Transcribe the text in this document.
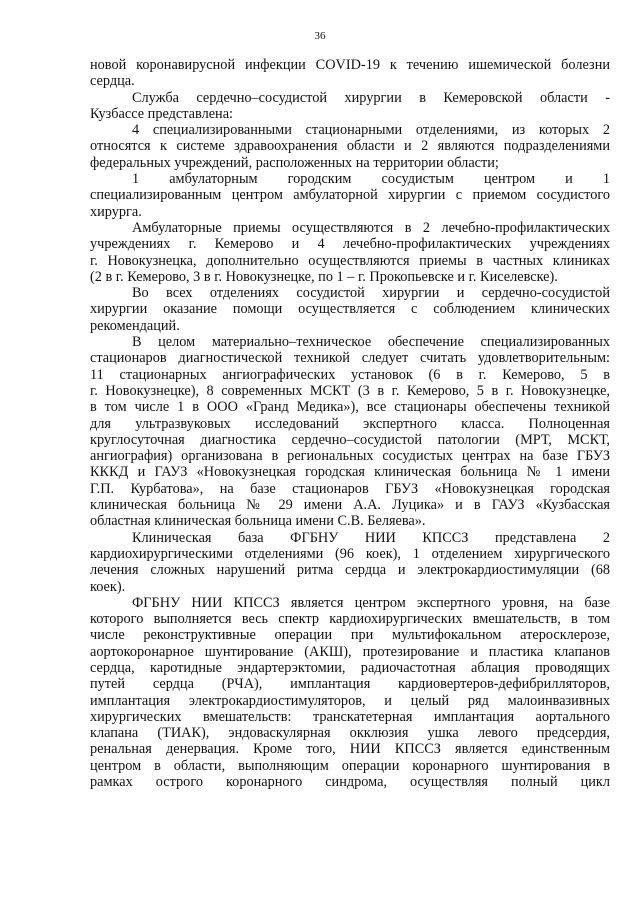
36
новой коронавирусной инфекции COVID-19 к течению ишемической болезни
сердца.
Служба сердечно–сосудистой хирургии в Кемеровской области -
Кузбассе представлена:
4 специализированными стационарными отделениями, из которых 2
относятся к системе здравоохранения области и 2 являются подразделениями
федеральных учреждений, расположенных на территории области;
1 амбулаторным городским сосудистым центром и 1
специализированным центром амбулаторной хирургии с приемом сосудистого
хирурга.
Амбулаторные приемы осуществляются в 2 лечебно-профилактических
учреждениях г. Кемерово и 4 лечебно-профилактических учреждениях
г. Новокузнецка, дополнительно осуществляются приемы в частных клиниках
(2 в г. Кемерово, 3 в г. Новокузнецке, по 1 – г. Прокопьевске и г. Киселевске).
Во всех отделениях сосудистой хирургии и сердечно-сосудистой
хирургии оказание помощи осуществляется с соблюдением клинических
рекомендаций.
В целом материально–техническое обеспечение специализированных
стационаров диагностической техникой следует считать удовлетворительным:
11 стационарных ангиографических установок (6 в г. Кемерово, 5 в
г. Новокузнецке), 8 современных МСКТ (3 в г. Кемерово, 5 в г. Новокузнецке,
в том числе 1 в ООО «Гранд Медика»), все стационары обеспечены техникой
для ультразвуковых исследований экспертного класса. Полноценная
круглосуточная диагностика сердечно–сосудистой патологии (МРТ, МСКТ,
ангиография) организована в региональных сосудистых центрах на базе ГБУЗ
КККД и ГАУЗ «Новокузнецкая городская клиническая больница № 1 имени
Г.П. Курбатова», на базе стационаров ГБУЗ «Новокузнецкая городская
клиническая больница № 29 имени А.А. Луцика» и в ГАУЗ «Кузбасская
областная клиническая больница имени С.В. Беляева».
Клиническая база ФГБНУ НИИ КПССЗ представлена 2
кардиохирургическими отделениями (96 коек), 1 отделением хирургического
лечения сложных нарушений ритма сердца и электрокардиостимуляции (68
коек).
ФГБНУ НИИ КПССЗ является центром экспертного уровня, на базе
которого выполняется весь спектр кардиохирургических вмешательств, в том
числе реконструктивные операции при мультифокальном атеросклерозе,
аортокоронарное шунтирование (АКШ), протезирование и пластика клапанов
сердца, каротидные эндартерэктомии, радиочастотная аблация проводящих
путей сердца (РЧА), имплантация кардиовертеров-дефибрилляторов,
имплантация электрокардиостимуляторов, и целый ряд малоинвазивных
хирургических вмешательств: транскатетерная имплантация аортального
клапана (ТИАК), эндоваскулярная окклюзия ушка левого предсердия,
ренальная денервация. Кроме того, НИИ КПССЗ является единственным
центром в области, выполняющим операции коронарного шунтирования в
рамках острого коронарного синдрома, осуществляя полный цикл
